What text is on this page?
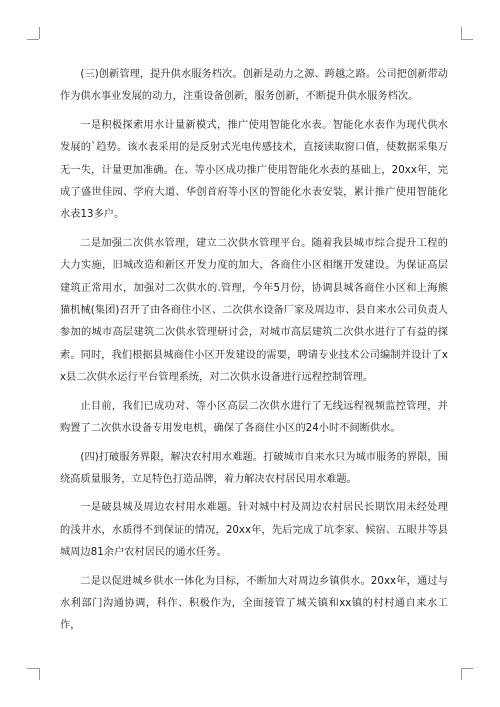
(三)创新管理，提升供水服务档次。创新是动力之源、跨越之路。公司把创新带动作为供水事业发展的动力，注重设备创新，服务创新，不断提升供水服务档次。

一是积极探索用水计量新模式，推广使用智能化水表。智能化水表作为现代供水发展的`趋势。该水表采用的是反射式光电传感技术，直接读取窗口值，使数据采集万无一失，计量更加准确。在、等小区成功推广使用智能化水表的基础上，20xx年，完成了盛世佳园、学府大道、华创首府等小区的智能化水表安装，累计推广使用智能化水表13多户。

二是加强二次供水管理，建立二次供水管理平台。随着我县城市综合提升工程的大力实施，旧城改造和新区开发力度的加大，各商住小区相继开发建设。为保证高层建筑正常用水，加强对二次供水的.管理，今年5月份，协调县城各商住小区和上海熊猫机械(集团)召开了由各商住小区、二次供水设备厂家及周边市、县自来水公司负责人参加的城市高层建筑二次供水管理研讨会，对城市高层建筑二次供水进行了有益的探索。同时，我们根据县城商住小区开发建设的需要，聘请专业技术公司编制并设计了xx县二次供水运行平台管理系统，对二次供水设备进行远程控制管理。

止目前，我们已成功对、等小区高层二次供水进行了无线远程视频监控管理，并购置了二次供水设备专用发电机，确保了各商住小区的24小时不间断供水。

(四)打破服务界限，解决农村用水难题。打破城市自来水只为城市服务的界限，围绕高质量服务，立足特色打造品牌，着力解决农村居民用水难题。

一是破县城及周边农村用水难题。针对城中村及周边农村居民长期饮用未经处理的浅井水，水质得不到保证的情况，20xx年，先后完成了坑李家、候宿、五眼井等县城周边81余户农村居民的通水任务。

二是以促进城乡供水一体化为目标，不断加大对周边乡镇供水。20xx年，通过与水利部门沟通协调，科作、积极作为，全面接管了城关镇和xx镇的村村通自来水工作，
